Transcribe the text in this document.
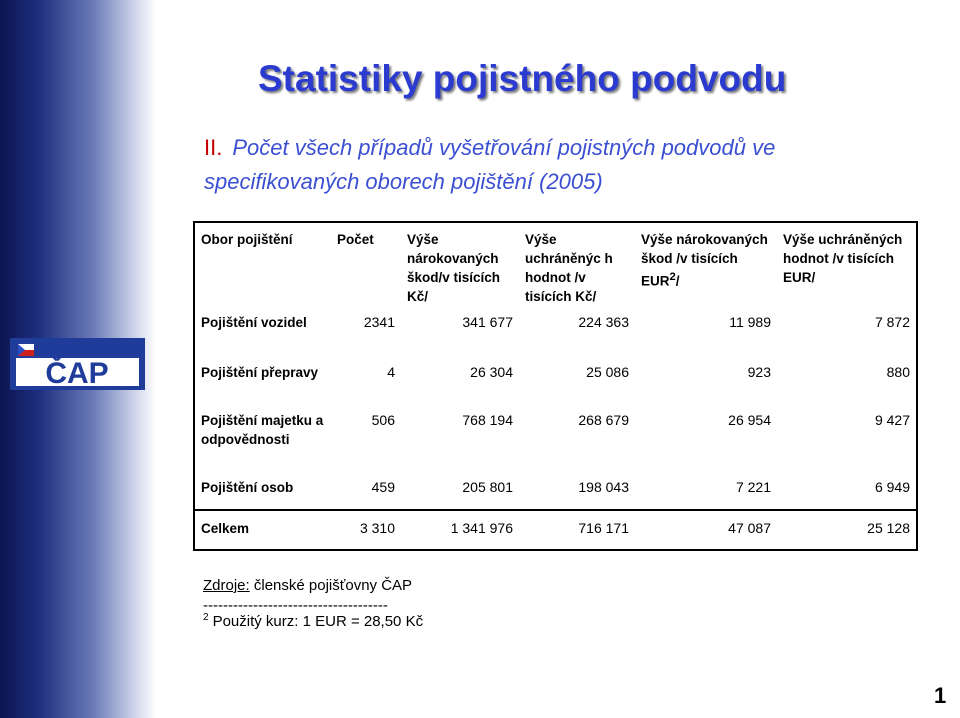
ČAP
Statistiky pojistného podvodu

II. Počet všech případů vyšetřování pojistných podvodů ve specifikovaných oborech pojištění (2005)

Obor pojištění	Počet	Výše nárokovaných škod/v tisících Kč/	Výše uchráněnýc h hodnot /v tisících Kč/	Výše nárokovaných škod /v tisících EUR$^2$/	Výše uchráněných hodnot /v tisících EUR/
Pojištění vozidel	2341	341 677	224 363	11 989	7 872
Pojištění přepravy	4	26 304	25 086	923	880
Pojištění majetku a odpovědnosti	506	768 194	268 679	26 954	9 427
Pojištění osob	459	205 801	198 043	7 221	6 949
Celkem	3 310	1 341 976	716 171	47 087	25 128

Zdroje: členské pojišťovny ČAP

-------------------------------------

$^2$ Použitý kurz: 1 EUR = 28,50 Kč

1
